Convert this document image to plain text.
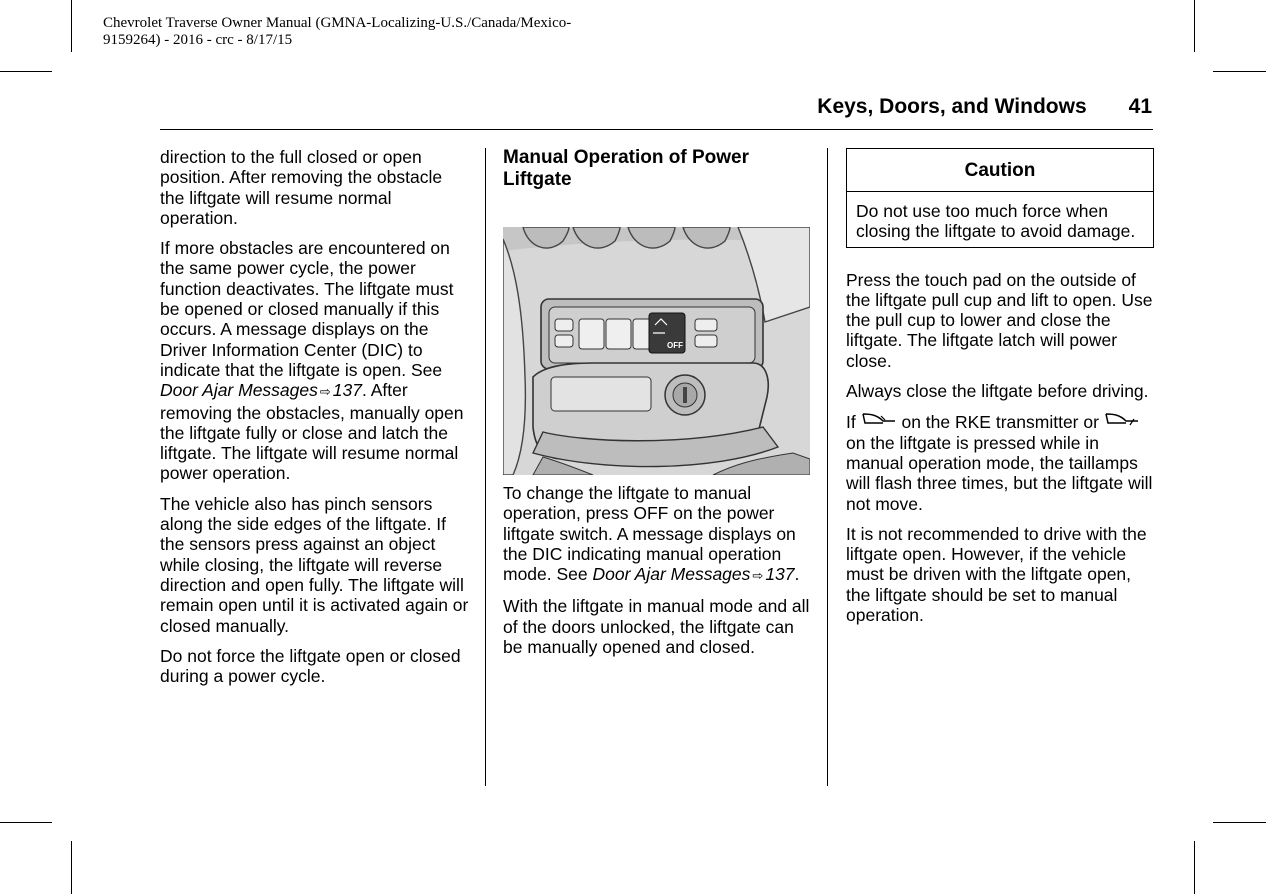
Chevrolet Traverse Owner Manual (GMNA-Localizing-U.S./Canada/Mexico-
9159264) - 2016 - crc - 8/17/15
Keys, Doors, and Windows 41

direction to the full closed or open position. After removing the obstacle the liftgate will resume normal operation.

If more obstacles are encountered on the same power cycle, the power function deactivates. The liftgate must be opened or closed manually if this occurs. A message displays on the Driver Information Center (DIC) to indicate that the liftgate is open. See Door Ajar Messages ⇨ 137. After removing the obstacles, manually open the liftgate fully or close and latch the liftgate. The liftgate will resume normal power operation.

The vehicle also has pinch sensors along the side edges of the liftgate. If the sensors press against an object while closing, the liftgate will reverse direction and open fully. The liftgate will remain open until it is activated again or closed manually.

Do not force the liftgate open or closed during a power cycle.

Manual Operation of Power Liftgate
OFF

To change the liftgate to manual operation, press OFF on the power liftgate switch. A message displays on the DIC indicating manual operation mode. See Door Ajar Messages ⇨ 137.

With the liftgate in manual mode and all of the doors unlocked, the liftgate can be manually opened and closed.

Caution
Do not use too much force when closing the liftgate to avoid damage.

Press the touch pad on the outside of the liftgate pull cup and lift to open. Use the pull cup to lower and close the liftgate. The liftgate latch will power close.

Always close the liftgate before driving.

If	on the RKE transmitter or  on the liftgate is pressed while in manual operation mode, the taillamps will flash three times, but the liftgate will not move.

It is not recommended to drive with the liftgate open. However, if the vehicle must be driven with the liftgate open, the liftgate should be set to manual operation.
